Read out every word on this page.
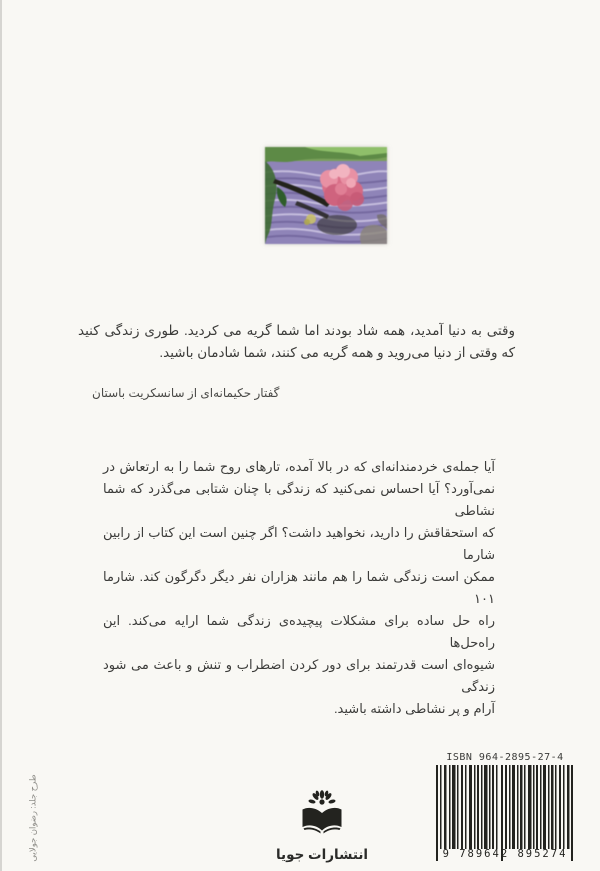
وقتی به دنیا آمدید، همه شاد بودند اما شما گریه می کردید. طوری زندگی کنید
که وقتی از دنیا می‌روید و همه گریه می کنند، شما شادمان باشید.
گفتار حکیمانه‌ای از سانسکریت باستان
آیا جمله‌ی خردمندانه‌ای که در بالا آمده، تارهای روح شما را به ارتعاش در
نمی‌آورد؟ آیا احساس نمی‌کنید که زندگی با چنان شتابی می‌گذرد که شما نشاطی
که استحقاقش را دارید، نخواهید داشت؟ اگر چنین است این کتاب از رابین شارما
ممکن است زندگی شما را هم مانند هزاران نفر دیگر دگرگون کند. شارما ۱۰۱
راه حل ساده برای مشکلات پیچیده‌ی زندگی شما ارایه می‌کند. این راه‌حل‌ها
شیوه‌ای است قدرتمند برای دور کردن اضطراب و تنش و باعث می شود زندگی
آرام و پر نشاطی داشته باشید.
طرح جلد: رضوان جولایی	انتشارات جویا
ISBN 964-2895-27-4
9 789642 895274
